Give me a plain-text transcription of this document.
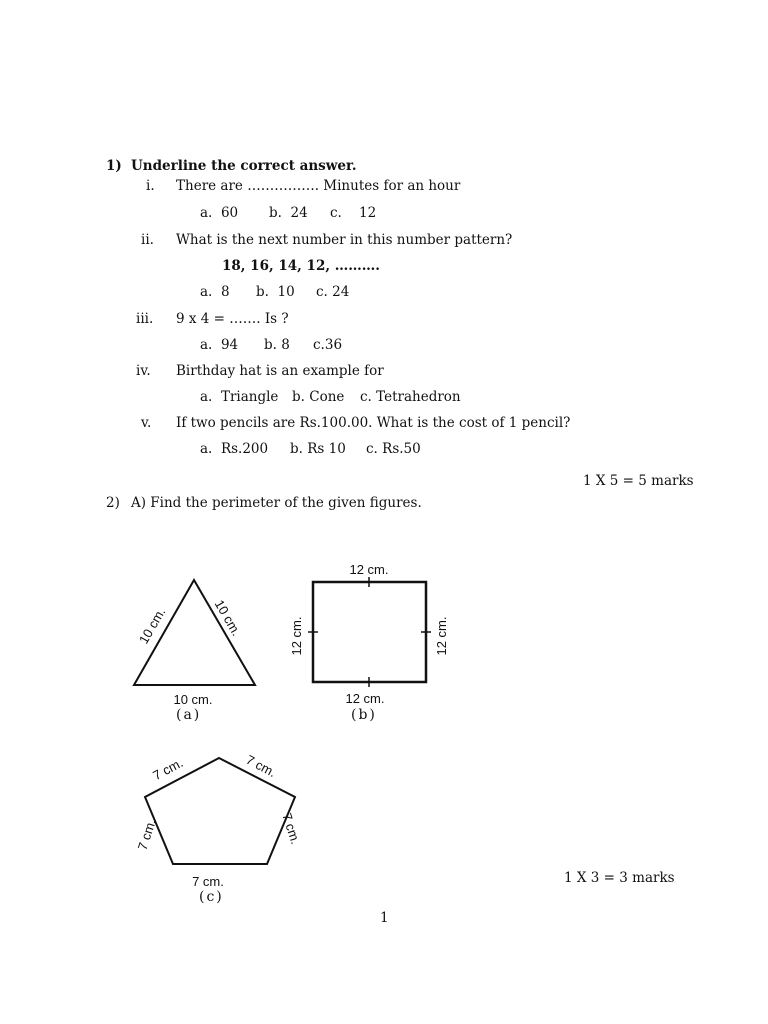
1) Underline the correct answer.
i. There are ……………. Minutes for an hour
a. 60 b. 24 c. 12
ii. What is the next number in this number pattern?
18, 16, 14, 12, ……….
a. 8 b. 10 c. 24
iii. 9 x 4 = ……. Is ?
a. 94 b. 8 c.36
iv. Birthday hat is an example for
a. Triangle b. Cone c. Tetrahedron
v. If two pencils are Rs.100.00. What is the cost of 1 pencil?
a. Rs.200 b. Rs 10 c. Rs.50
1 X 5 = 5 marks
2) A) Find the perimeter of the given figures.
10 cm.	10 cm.
10 cm.
(a)
12 cm.
12 cm.	12 cm.
12 cm.
(b)
7 cm.	7 cm.
7 cm.	7 cm.
7 cm.
(c)
1 X 3 = 3 marks
1
